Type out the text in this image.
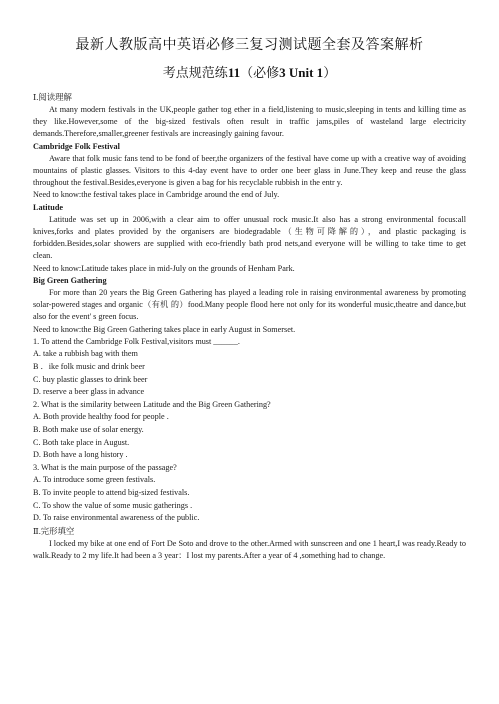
最新人教版高中英语必修三复习测试题全套及答案解析
考点规范练11（必修3 Unit 1）
Ⅰ.阅读理解

At many modern festivals in the UK,people gather tog ether in a field,listening to music,sleeping in tents and killing time as they like.However,some of the big-sized festivals often result in traffic jams,piles of wasteland large electricity demands.Therefore,smaller,greener festivals are increasingly gaining favour.

Cambridge Folk Festival

Aware that folk music fans tend to be fond of beer,the organizers of the festival have come up with a creative way of avoiding mountains of plastic glasses. Visitors to this 4-day event have to order one beer glass in June.They keep and reuse the glass throughout the festival.Besides,everyone is given a bag for his recyclable rubbish in the entr y.

Need to know:the festival takes place in Cambridge around the end of July.

Latitude

Latitude was set up in 2006,with a clear aim to offer unusual rock music.It also has a strong environmental focus:all knives,forks and plates provided by the organisers are biodegradable（生物可降解的），and plastic packaging is forbidden.Besides,solar showers are supplied with eco-friendly bath prod nets,and everyone will be willing to take time to get clean.

Need to know:Latitude takes place in mid-July on the grounds of Henham Park.

Big Green Gathering

For more than 20 years the Big Green Gathering has played a leading role in raising environmental awareness by promoting solar-powered stages and organic（有机 的）food.Many people flood here not only for its wonderful music,theatre and dance,but also for the event' s green focus.

Need to know:the Big Green Gathering takes place in early August in Somerset.

1. To attend the Cambridge Folk Festival,visitors must ______.
A. take a rubbish bag with them
B ．ike folk music and drink beer
C. buy plastic glasses to drink beer
D. reserve a beer glass in advance
2. What is the similarity between Latitude and the Big Green Gathering?
A. Both provide healthy food for people .
B. Both make use of solar energy.
C. Both take place in August.
D. Both have a long history .
3. What is the main purpose of the passage?
A. To introduce some green festivals.
B. To invite people to attend big-sized festivals.
C. To show the value of some music gatherings .
D. To raise environmental awareness of the public.
Ⅱ.完形填空

I locked my bike at one end of Fort De Soto and drove to the other.Armed with sunscreen and one 1 heart,I was ready.Ready to walk.Ready to 2 my life.It had been a 3 year：I lost my parents.After a year of 4 ,something had to change.
